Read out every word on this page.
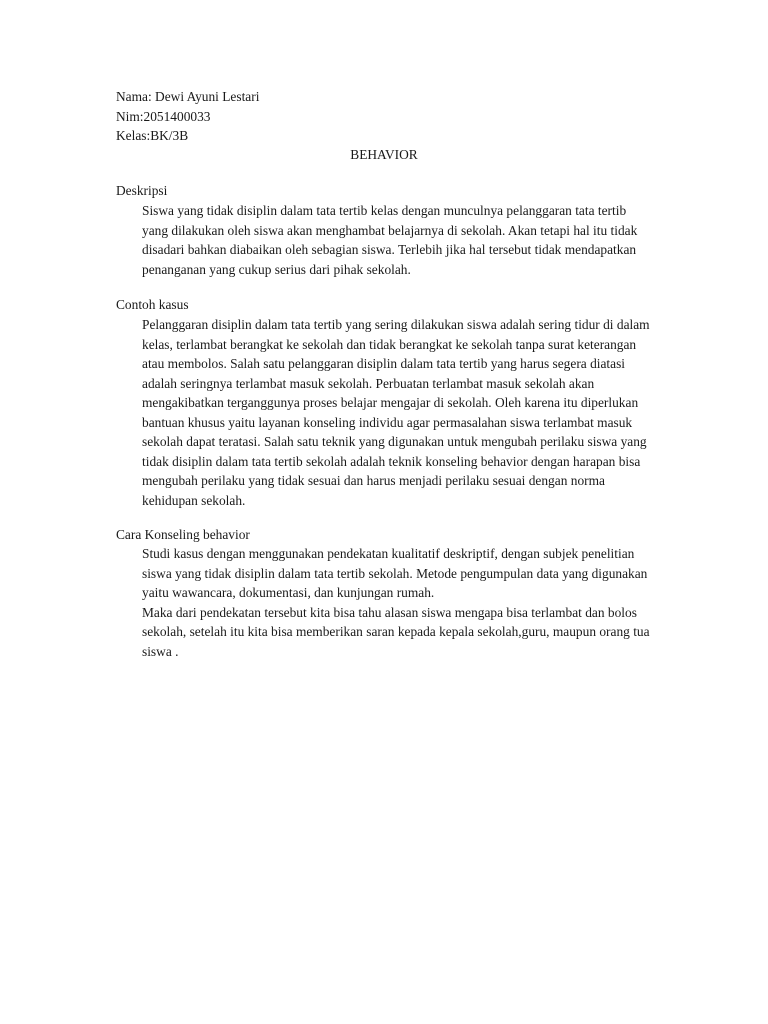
Nama: Dewi Ayuni Lestari
Nim:2051400033
Kelas:BK/3B
BEHAVIOR
Deskripsi

Siswa yang tidak disiplin dalam tata tertib kelas dengan munculnya pelanggaran tata tertib

yang dilakukan oleh siswa akan menghambat belajarnya di sekolah. Akan tetapi hal itu tidak

disadari bahkan diabaikan oleh sebagian siswa. Terlebih jika hal tersebut tidak mendapatkan

penanganan yang cukup serius dari pihak sekolah.

Contoh kasus

Pelanggaran disiplin dalam tata tertib yang sering dilakukan siswa adalah sering tidur di dalam

kelas, terlambat berangkat ke sekolah dan tidak berangkat ke sekolah tanpa surat keterangan

atau membolos. Salah satu pelanggaran disiplin dalam tata tertib yang harus segera diatasi

adalah seringnya terlambat masuk sekolah. Perbuatan terlambat masuk sekolah akan

mengakibatkan terganggunya proses belajar mengajar di sekolah. Oleh karena itu diperlukan

bantuan khusus yaitu layanan konseling individu agar permasalahan siswa terlambat masuk

sekolah dapat teratasi. Salah satu teknik yang digunakan untuk mengubah perilaku siswa yang

tidak disiplin dalam tata tertib sekolah adalah teknik konseling behavior dengan harapan bisa

mengubah perilaku yang tidak sesuai dan harus menjadi perilaku sesuai dengan norma

kehidupan sekolah.

Cara Konseling behavior

Studi kasus dengan menggunakan pendekatan kualitatif deskriptif, dengan subjek penelitian

siswa yang tidak disiplin dalam tata tertib sekolah. Metode pengumpulan data yang digunakan

yaitu wawancara, dokumentasi, dan kunjungan rumah.

Maka dari pendekatan tersebut kita bisa tahu alasan siswa mengapa bisa terlambat dan bolos

sekolah, setelah itu kita bisa memberikan saran kepada kepala sekolah,guru, maupun orang tua

siswa .
